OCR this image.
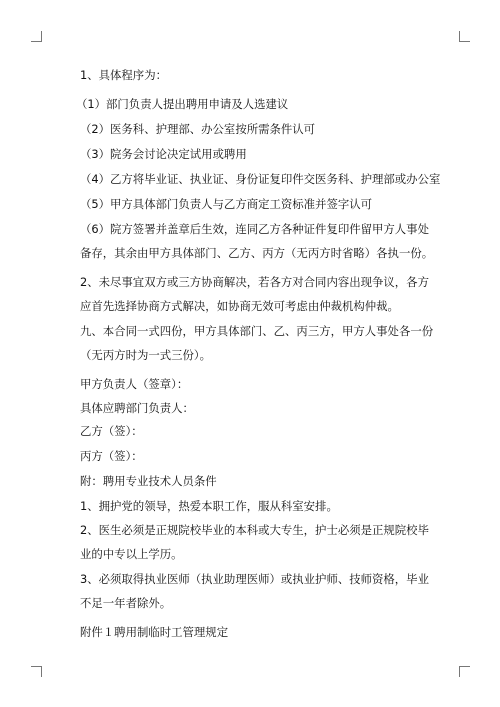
1、具体程序为：
（1）部门负责人提出聘用申请及人选建议
（2）医务科、护理部、办公室按所需条件认可
（3）院务会讨论决定试用或聘用
（4）乙方将毕业证、执业证、身份证复印件交医务科、护理部或办公室
（5）甲方具体部门负责人与乙方商定工资标准并签字认可
（6）院方签署并盖章后生效，连同乙方各种证件复印件留甲方人事处备存，其余由甲方具体部门、乙方、丙方（无丙方时省略）各执一份。
2、未尽事宜双方或三方协商解决，若各方对合同内容出现争议，各方应首先选择协商方式解决，如协商无效可考虑由仲裁机构仲裁。
九、本合同一式四份，甲方具体部门、乙、丙三方，甲方人事处各一份（无丙方时为一式三份）。
甲方负责人（签章）：
具体应聘部门负责人：
乙方（签）：
丙方（签）：
附：聘用专业技术人员条件
1、拥护党的领导，热爱本职工作，服从科室安排。
2、医生必须是正规院校毕业的本科或大专生，护士必须是正规院校毕业的中专以上学历。
3、必须取得执业医师（执业助理医师）或执业护师、技师资格，毕业不足一年者除外。
附件１聘用制临时工管理规定
